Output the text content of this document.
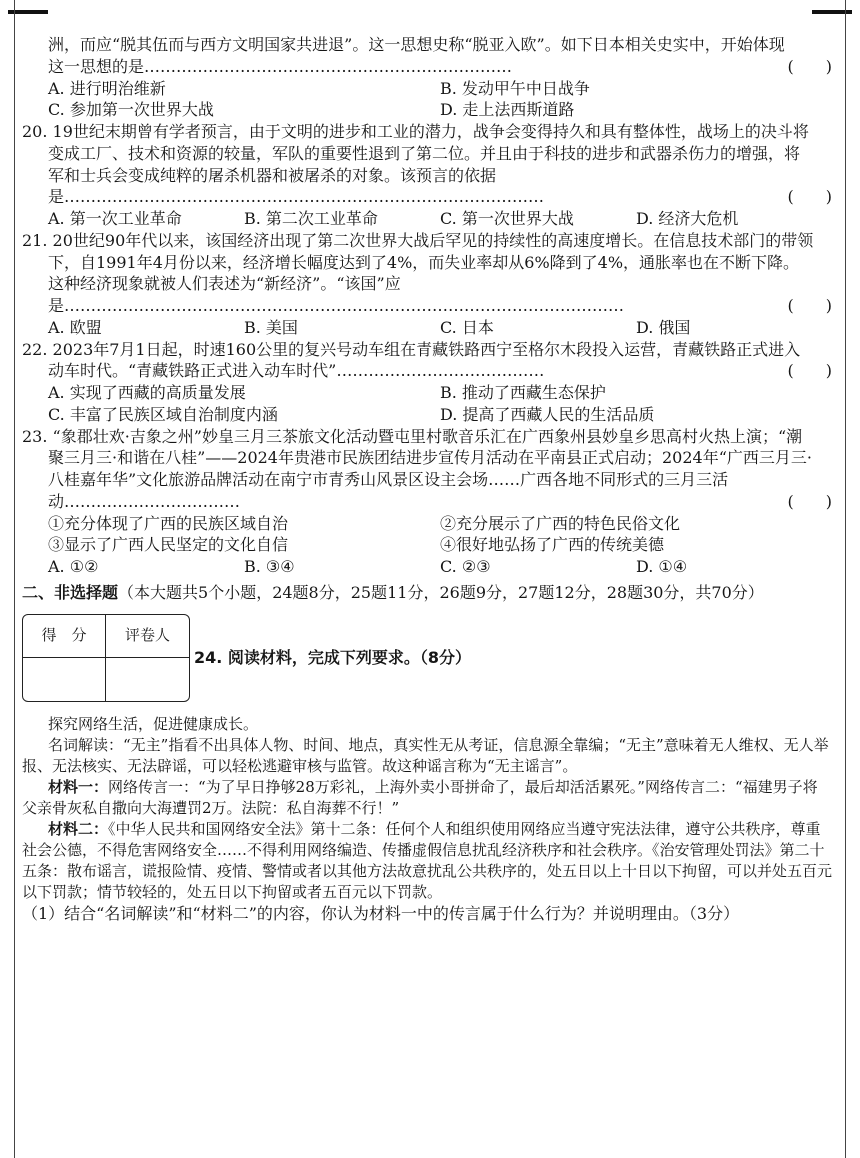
洲，而应“脱其伍而与西方文明国家共进退”。这一思想史称“脱亚入欧”。如下日本相关史实中，开始体现这一思想的是……………………………………………………………	(　　)
A. 进行明治维新	B. 发动甲午中日战争
C. 参加第一次世界大战	D. 走上法西斯道路

20. 19世纪末期曾有学者预言，由于文明的进步和工业的潜力，战争会变得持久和具有整体性，战场上的决斗将变成工厂、技术和资源的较量，军队的重要性退到了第二位。并且由于科技的进步和武器杀伤力的增强，将军和士兵会变成纯粹的屠杀机器和被屠杀的对象。该预言的依据是………………………………………………………………………………	(　　)
A. 第一次工业革命	B. 第二次工业革命	C. 第一次世界大战	D. 经济大危机

21. 20世纪90年代以来，该国经济出现了第二次世界大战后罕见的持续性的高速度增长。在信息技术部门的带领下，自1991年4月份以来，经济增长幅度达到了4%，而失业率却从6%降到了4%，通胀率也在不断下降。这种经济现象就被人们表述为“新经济”。“该国”应是……………………………………………………………………………………………	(　　)
A. 欧盟	B. 美国	C. 日本	D. 俄国

22. 2023年7月1日起，时速160公里的复兴号动车组在青藏铁路西宁至格尔木段投入运营，青藏铁路正式进入动车时代。“青藏铁路正式进入动车时代”…………………………………	(　　)
A. 实现了西藏的高质量发展	B. 推动了西藏生态保护
C. 丰富了民族区域自治制度内涵	D. 提高了西藏人民的生活品质

23. “象郡壮欢·吉象之州”妙皇三月三茶旅文化活动暨屯里村歌音乐汇在广西象州县妙皇乡思高村火热上演；“潮聚三月三·和谐在八桂”——2024年贵港市民族团结进步宣传月活动在平南县正式启动；2024年“广西三月三·八桂嘉年华”文化旅游品牌活动在南宁市青秀山风景区设主会场……广西各地不同形式的三月三活动……………………………	(　　)
①充分体现了广西的民族区域自治	②充分展示了广西的特色民俗文化
③显示了广西人民坚定的文化自信	④很好地弘扬了广西的传统美德
A. ①②	B. ③④	C. ②③	D. ①④

二、非选择题（本大题共5个小题，24题8分，25题11分，26题9分，27题12分，28题30分，共70分）

得　分	评卷人
24. 阅读材料，完成下列要求。（8分）

探究网络生活，促进健康成长。

名词解读：“无主”指看不出具体人物、时间、地点，真实性无从考证，信息源全靠编；“无主”意味着无人维权、无人举报、无法核实、无法辟谣，可以轻松逃避审核与监管。故这种谣言称为“无主谣言”。

材料一：网络传言一：“为了早日挣够28万彩礼，上海外卖小哥拼命了，最后却活活累死。”网络传言二：“福建男子将父亲骨灰私自撒向大海遭罚2万。法院：私自海葬不行！”

材料二：《中华人民共和国网络安全法》第十二条：任何个人和组织使用网络应当遵守宪法法律，遵守公共秩序，尊重社会公德，不得危害网络安全……不得利用网络编造、传播虚假信息扰乱经济秩序和社会秩序。《治安管理处罚法》第二十五条：散布谣言，谎报险情、疫情、警情或者以其他方法故意扰乱公共秩序的，处五日以上十日以下拘留，可以并处五百元以下罚款；情节较轻的，处五日以下拘留或者五百元以下罚款。

（1）结合“名词解读”和“材料二”的内容，你认为材料一中的传言属于什么行为？并说明理由。（3分）
